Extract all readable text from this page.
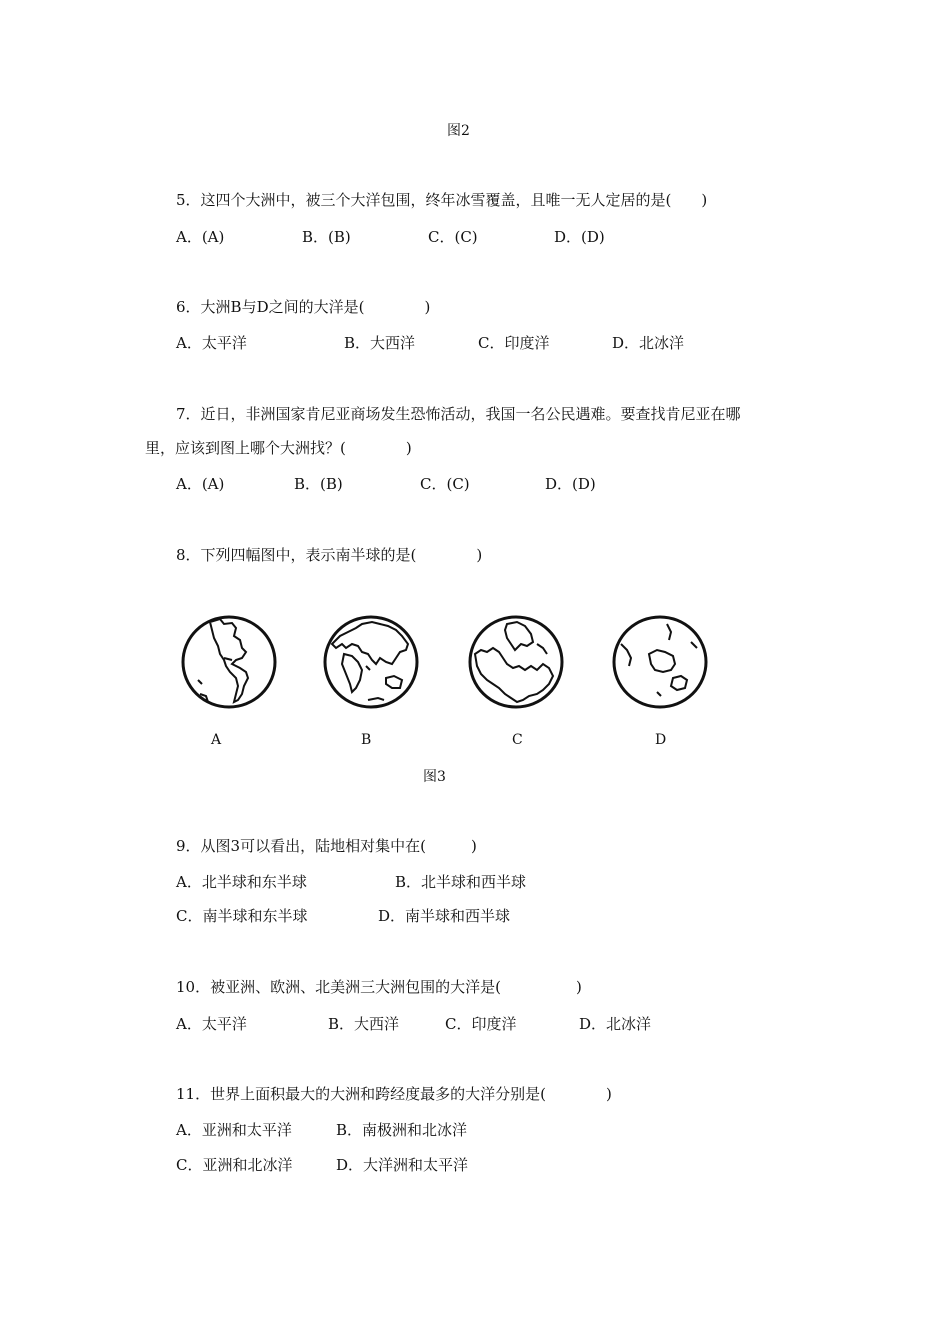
图2
5．这四个大洲中，被三个大洋包围，终年冰雪覆盖，且唯一无人定居的是(　　)
A．(A)	B．(B)	C．(C)	D．(D)
6．大洲B与D之间的大洋是(　　　　)
A．太平洋	B．大西洋	C．印度洋	D．北冰洋
7．近日，非洲国家肯尼亚商场发生恐怖活动，我国一名公民遇难。要查找肯尼亚在哪
里，应该到图上哪个大洲找？(　　　　)
A．(A)	B．(B)	C．(C)	D．(D)
8．下列四幅图中，表示南半球的是(　　　　)
A	B	C	D
图3
9．从图3可以看出，陆地相对集中在(　　　)
A．北半球和东半球	B．北半球和西半球
C．南半球和东半球	D．南半球和西半球
10．被亚洲、欧洲、北美洲三大洲包围的大洋是(　　　　　)
A．太平洋	B．大西洋	C．印度洋	D．北冰洋
11．世界上面积最大的大洲和跨经度最多的大洋分别是(　　　　)
A．亚洲和太平洋	B．南极洲和北冰洋
C．亚洲和北冰洋	D．大洋洲和太平洋
